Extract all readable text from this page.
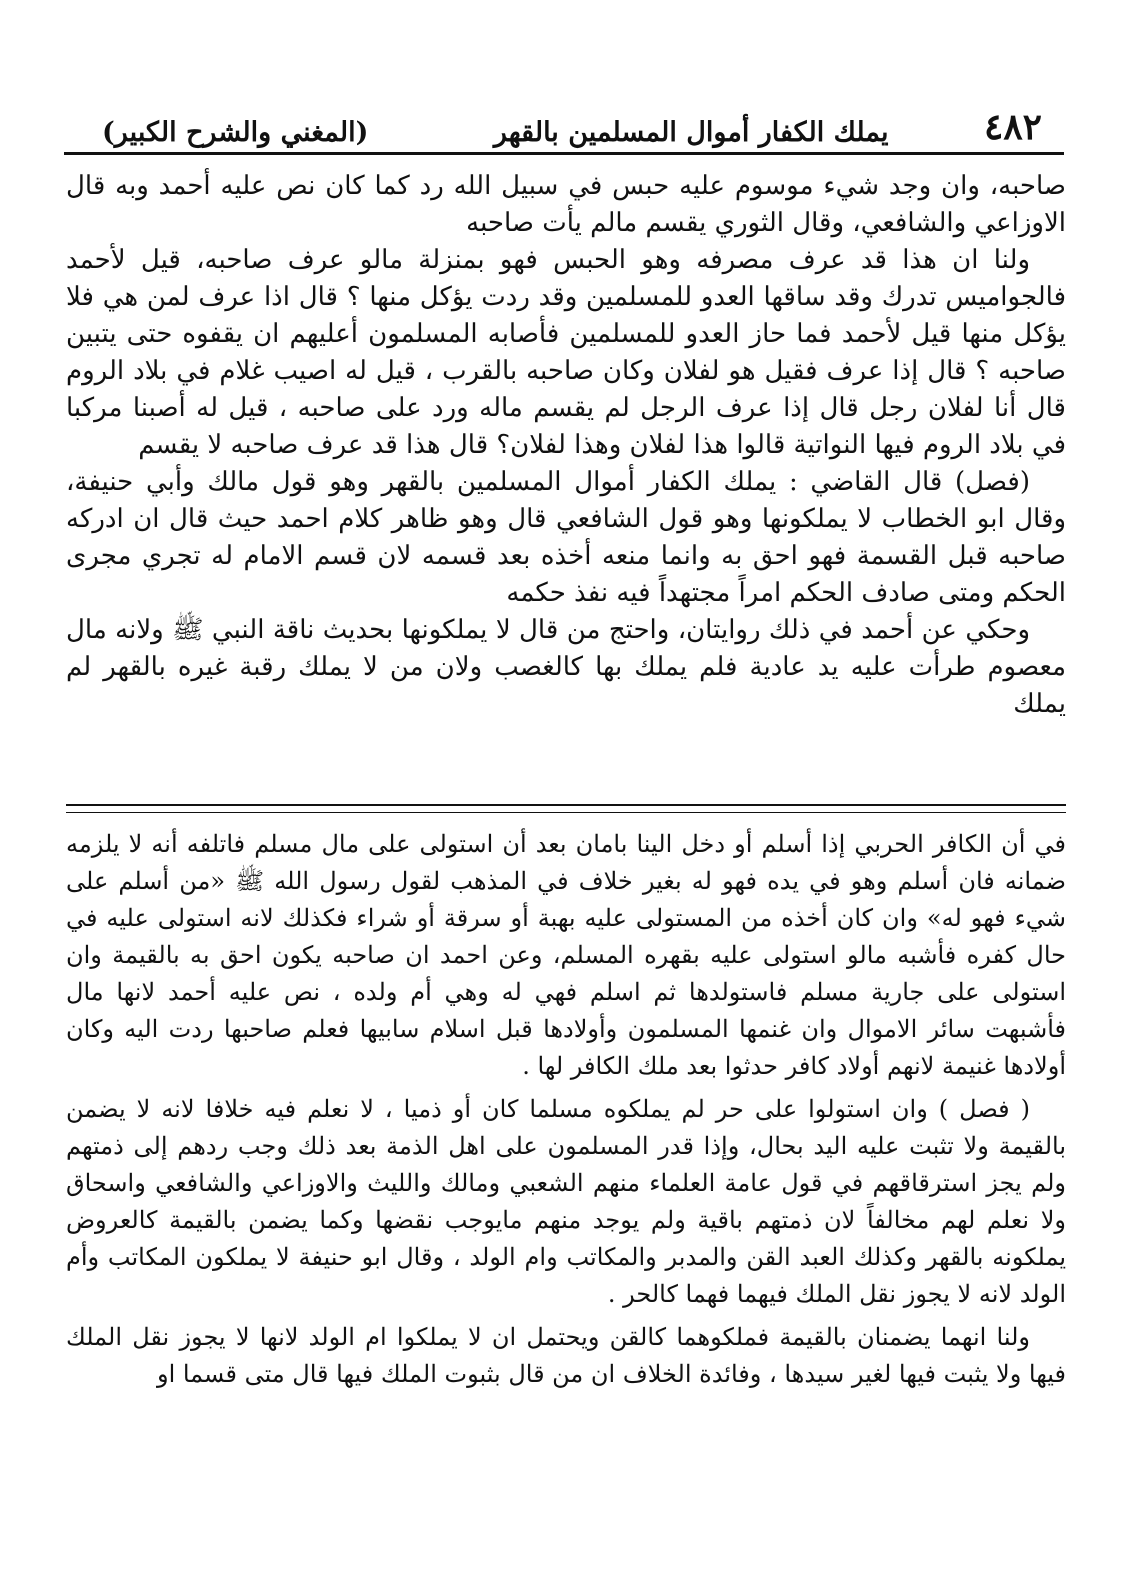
٤٨٢
يملك الكفار أموال المسلمين بالقهر
(المغني والشرح الكبير)

صاحبه، وان وجد شيء موسوم عليه حبس في سبيل الله رد كما كان نص عليه أحمد وبه قال الاوزاعي والشافعي، وقال الثوري يقسم مالم يأت صاحبه

ولنا ان هذا قد عرف مصرفه وهو الحبس فهو بمنزلة مالو عرف صاحبه، قيل لأحمد فالجواميس تدرك وقد ساقها العدو للمسلمين وقد ردت يؤكل منها ؟ قال اذا عرف لمن هي فلا يؤكل منها قيل لأحمد فما حاز العدو للمسلمين فأصابه المسلمون أعليهم ان يقفوه حتى يتبين صاحبه ؟ قال إذا عرف فقيل هو لفلان وكان صاحبه بالقرب ، قيل له اصيب غلام في بلاد الروم قال أنا لفلان رجل قال إذا عرف الرجل لم يقسم ماله ورد على صاحبه ، قيل له أصبنا مركبا في بلاد الروم فيها النواتية قالوا هذا لفلان وهذا لفلان؟ قال هذا قد عرف صاحبه لا يقسم

(فصل) قال القاضي : يملك الكفار أموال المسلمين بالقهر وهو قول مالك وأبي حنيفة، وقال ابو الخطاب لا يملكونها وهو قول الشافعي قال وهو ظاهر كلام احمد حيث قال ان ادركه صاحبه قبل القسمة فهو احق به وانما منعه أخذه بعد قسمه لان قسم الامام له تجري مجرى الحكم ومتى صادف الحكم امراً مجتهداً فيه نفذ حكمه

وحكي عن أحمد في ذلك روايتان، واحتج من قال لا يملكونها بحديث ناقة النبي ﷺ ولانه مال معصوم طرأت عليه يد عادية فلم يملك بها كالغصب ولان من لا يملك رقبة غيره بالقهر لم يملك

في أن الكافر الحربي إذا أسلم أو دخل الينا بامان بعد أن استولى على مال مسلم فاتلفه أنه لا يلزمه ضمانه فان أسلم وهو في يده فهو له بغير خلاف في المذهب لقول رسول الله ﷺ «من أسلم على شيء فهو له» وان كان أخذه من المستولى عليه بهبة أو سرقة أو شراء فكذلك لانه استولى عليه في حال كفره فأشبه مالو استولى عليه بقهره المسلم، وعن احمد ان صاحبه يكون احق به بالقيمة وان استولى على جارية مسلم فاستولدها ثم اسلم فهي له وهي أم ولده ، نص عليه أحمد لانها مال فأشبهت سائر الاموال وان غنمها المسلمون وأولادها قبل اسلام سابيها فعلم صاحبها ردت اليه وكان أولادها غنيمة لانهم أولاد كافر حدثوا بعد ملك الكافر لها .

( فصل ) وان استولوا على حر لم يملكوه مسلما كان أو ذميا ، لا نعلم فيه خلافا لانه لا يضمن بالقيمة ولا تثبت عليه اليد بحال، وإذا قدر المسلمون على اهل الذمة بعد ذلك وجب ردهم إلى ذمتهم ولم يجز استرقاقهم في قول عامة العلماء منهم الشعبي ومالك والليث والاوزاعي والشافعي واسحاق ولا نعلم لهم مخالفاً لان ذمتهم باقية ولم يوجد منهم مايوجب نقضها وكما يضمن بالقيمة كالعروض يملكونه بالقهر وكذلك العبد القن والمدبر والمكاتب وام الولد ، وقال ابو حنيفة لا يملكون المكاتب وأم الولد لانه لا يجوز نقل الملك فيهما فهما كالحر .

ولنا انهما يضمنان بالقيمة فملكوهما كالقن ويحتمل ان لا يملكوا ام الولد لانها لا يجوز نقل الملك فيها ولا يثبت فيها لغير سيدها ، وفائدة الخلاف ان من قال بثبوت الملك فيها قال متى قسما او
